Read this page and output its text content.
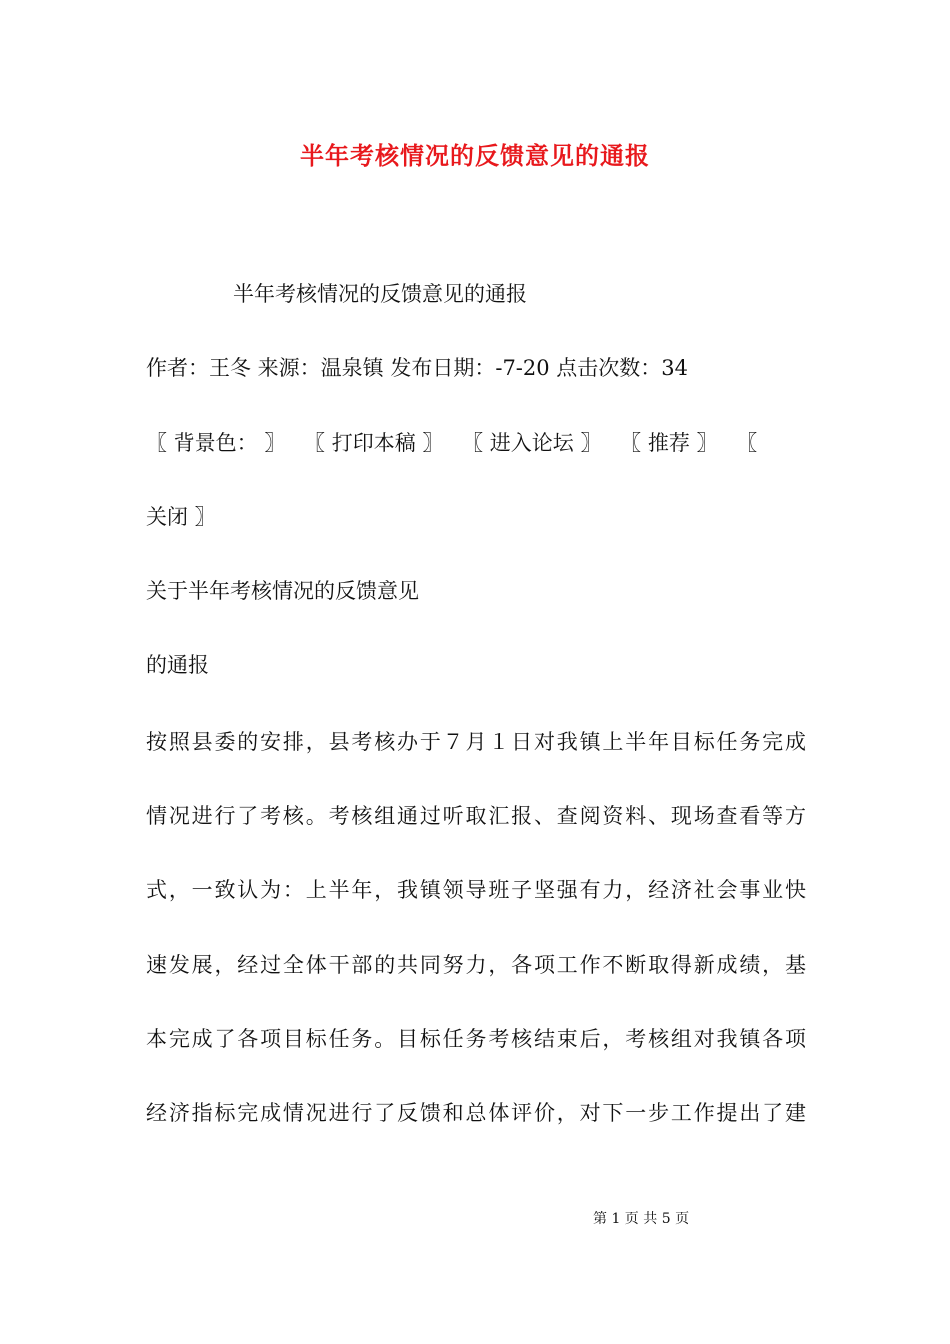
半年考核情况的反馈意见的通报
半年考核情况的反馈意见的通报
作者：王冬 来源：温泉镇 发布日期：-7-20 点击次数：34
〖 背景色： 〗 〖 打印本稿 〗 〖 进入论坛 〗 〖 推荐 〗 〖
关闭 〗
关于半年考核情况的反馈意见
的通报
按照县委的安排，县考核办于７月１日对我镇上半年目标任务完成
情况进行了考核。考核组通过听取汇报、查阅资料、现场查看等方
式，一致认为：上半年，我镇领导班子坚强有力，经济社会事业快
速发展，经过全体干部的共同努力，各项工作不断取得新成绩，基
本完成了各项目标任务。目标任务考核结束后，考核组对我镇各项
经济指标完成情况进行了反馈和总体评价，对下一步工作提出了建
第 1 页 共 5 页
